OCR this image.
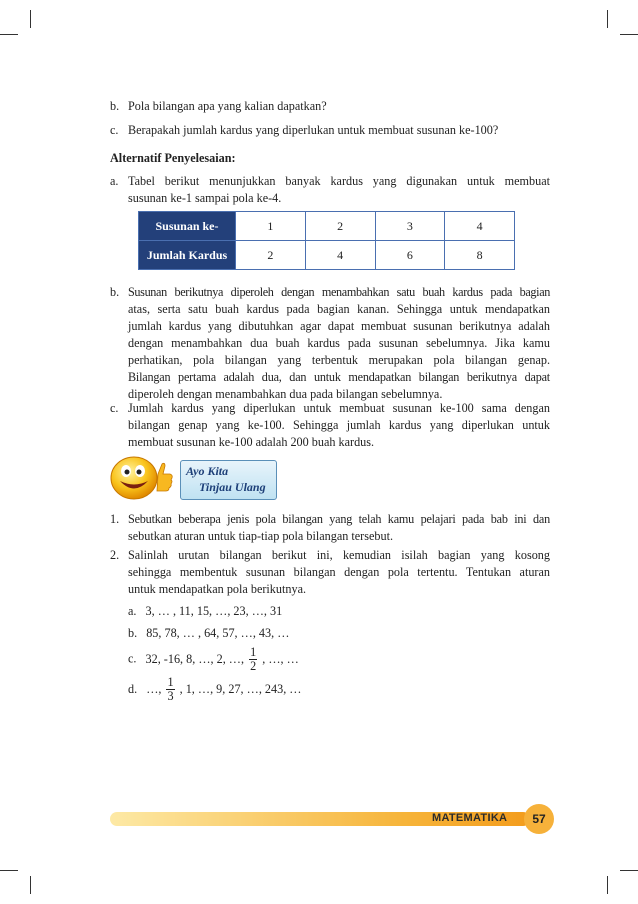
b. Pola bilangan apa yang kalian dapatkan?
c. Berapakah jumlah kardus yang diperlukan untuk membuat susunan ke-100?
Alternatif Penyelesaian:
a. Tabel berikut menunjukkan banyak kardus yang digunakan untuk membuat
susunan ke-1 sampai pola ke-4.
Susunan ke-	1	2	3	4
Jumlah Kardus	2	4	6	8
b. Susunan berikutnya diperoleh dengan menambahkan satu buah kardus pada bagian
atas, serta satu buah kardus pada bagian kanan. Sehingga untuk mendapatkan
jumlah kardus yang dibutuhkan agar dapat membuat susunan berikutnya adalah
dengan menambahkan dua buah kardus pada susunan sebelumnya. Jika kamu
perhatikan, pola bilangan yang terbentuk merupakan pola bilangan genap.
Bilangan pertama adalah dua, dan untuk mendapatkan bilangan berikutnya dapat
diperoleh dengan menambahkan dua pada bilangan sebelumnya.
c. Jumlah kardus yang diperlukan untuk membuat susunan ke-100 sama dengan
bilangan genap yang ke-100. Sehingga jumlah kardus yang diperlukan untuk
membuat susunan ke-100 adalah 200 buah kardus.
Ayo Kita
Tinjau Ulang
1. Sebutkan beberapa jenis pola bilangan yang telah kamu pelajari pada bab ini dan
sebutkan aturan untuk tiap-tiap pola bilangan tersebut.
2. Salinlah urutan bilangan berikut ini, kemudian isilah bagian yang kosong
sehingga membentuk susunan bilangan dengan pola tertentu. Tentukan aturan
untuk mendapatkan pola berikutnya.
a. 3, … , 11, 15, …, 23, …, 31
b. 85, 78, … , 64, 57, …, 43, …
c. 32, -16, 8, …, 2, …, $\frac{1}{2}$ , …, …
d. …, $\frac{1}{3}$ , 1, …, 9, 27, …, 243, …
MATEMATIKA	57
